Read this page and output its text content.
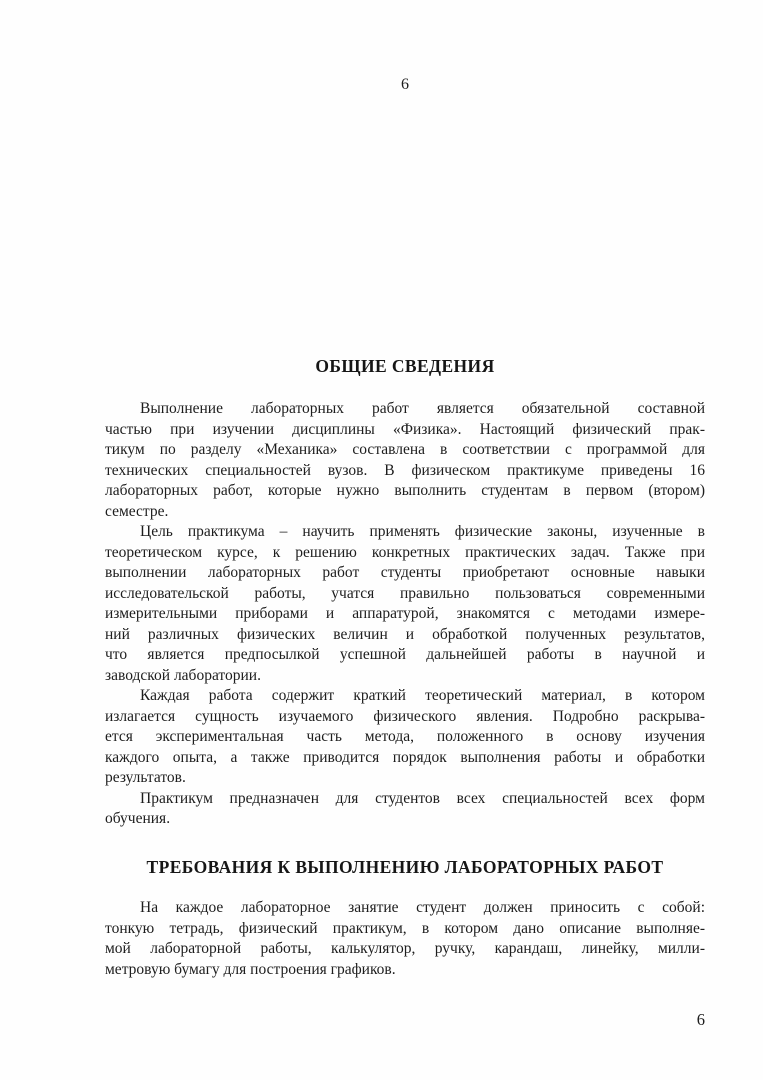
6
ОБЩИЕ СВЕДЕНИЯ
Выполнение лабораторных работ является обязательной составной
частью при изучении дисциплины «Физика». Настоящий физический прак-
тикум по разделу «Механика» составлена в соответствии с программой для
технических специальностей вузов. В физическом практикуме приведены 16
лабораторных работ, которые нужно выполнить студентам в первом (втором)
семестре.
Цель практикума – научить применять физические законы, изученные в
теоретическом курсе, к решению конкретных практических задач. Также при
выполнении лабораторных работ студенты приобретают основные навыки
исследовательской работы, учатся правильно пользоваться современными
измерительными приборами и аппаратурой, знакомятся с методами измере-
ний различных физических величин и обработкой полученных результатов,
что является предпосылкой успешной дальнейшей работы в научной и
заводской лаборатории.
Каждая работа содержит краткий теоретический материал, в котором
излагается сущность изучаемого физического явления. Подробно раскрыва-
ется экспериментальная часть метода, положенного в основу изучения
каждого опыта, а также приводится порядок выполнения работы и обработки
результатов.
Практикум предназначен для студентов всех специальностей всех форм
обучения.
ТРЕБОВАНИЯ К ВЫПОЛНЕНИЮ ЛАБОРАТОРНЫХ РАБОТ
На каждое лабораторное занятие студент должен приносить с собой:
тонкую тетрадь, физический практикум, в котором дано описание выполняе-
мой лабораторной работы, калькулятор, ручку, карандаш, линейку, милли-
метровую бумагу для построения графиков.
6
